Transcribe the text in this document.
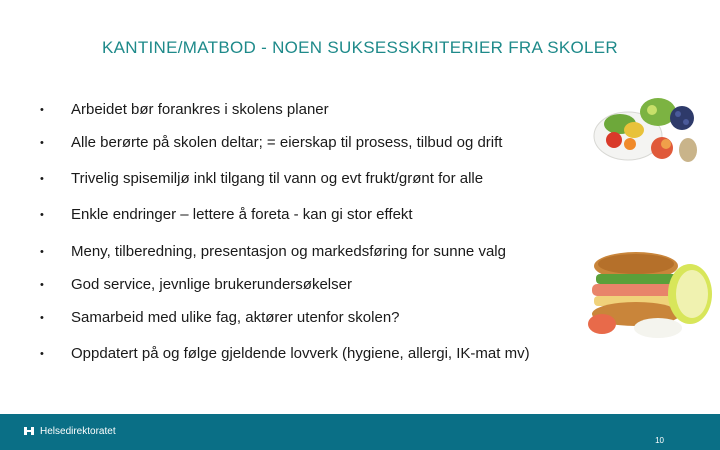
KANTINE/MATBOD - NOEN SUKSESSKRITERIER FRA SKOLER
• Arbeidet bør forankres i skolens planer
• Alle berørte på skolen deltar; = eierskap til prosess, tilbud og drift
• Trivelig spisemiljø inkl tilgang til vann og evt frukt/grønt for alle
• Enkle endringer – lettere å foreta - kan gi stor effekt
• Meny, tilberedning, presentasjon og markedsføring for sunne valg
• God service, jevnlige brukerundersøkelser
• Samarbeid med ulike fag, aktører utenfor skolen?
• Oppdatert på og følge gjeldende lovverk (hygiene, allergi, IK-mat mv)
Helsedirektoratet
10
